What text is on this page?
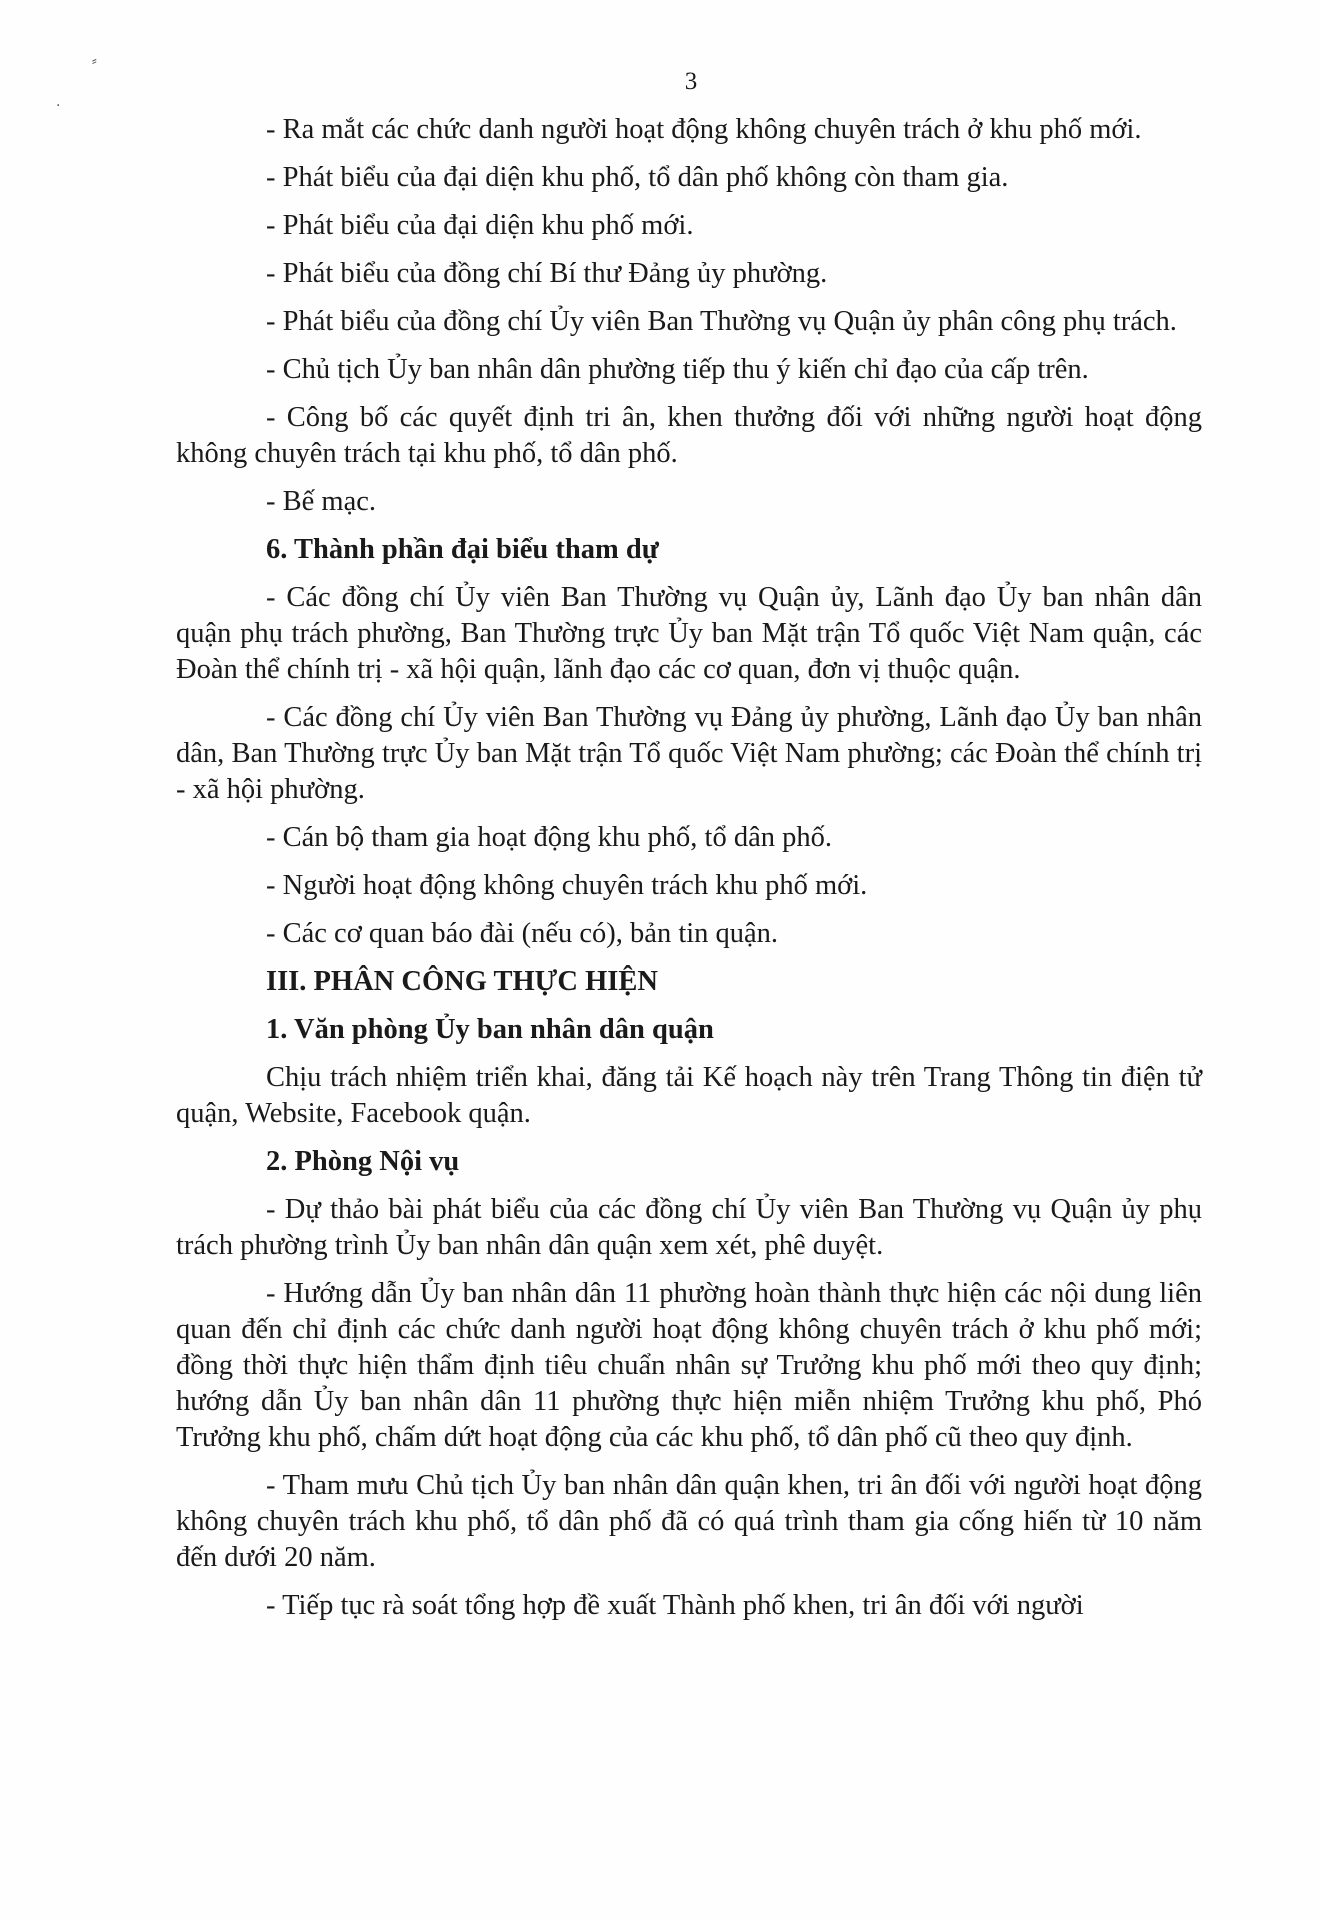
⸗
·
3

- Ra mắt các chức danh người hoạt động không chuyên trách ở khu phố mới.

- Phát biểu của đại diện khu phố, tổ dân phố không còn tham gia.

- Phát biểu của đại diện khu phố mới.

- Phát biểu của đồng chí Bí thư Đảng ủy phường.

- Phát biểu của đồng chí Ủy viên Ban Thường vụ Quận ủy phân công phụ trách.

- Chủ tịch Ủy ban nhân dân phường tiếp thu ý kiến chỉ đạo của cấp trên.

- Công bố các quyết định tri ân, khen thưởng đối với những người hoạt động không chuyên trách tại khu phố, tổ dân phố.

- Bế mạc.

6. Thành phần đại biểu tham dự

- Các đồng chí Ủy viên Ban Thường vụ Quận ủy, Lãnh đạo Ủy ban nhân dân quận phụ trách phường, Ban Thường trực Ủy ban Mặt trận Tổ quốc Việt Nam quận, các Đoàn thể chính trị - xã hội quận, lãnh đạo các cơ quan, đơn vị thuộc quận.

- Các đồng chí Ủy viên Ban Thường vụ Đảng ủy phường, Lãnh đạo Ủy ban nhân dân, Ban Thường trực Ủy ban Mặt trận Tổ quốc Việt Nam phường; các Đoàn thể chính trị - xã hội phường.

- Cán bộ tham gia hoạt động khu phố, tổ dân phố.

- Người hoạt động không chuyên trách khu phố mới.

- Các cơ quan báo đài (nếu có), bản tin quận.

III. PHÂN CÔNG THỰC HIỆN

1. Văn phòng Ủy ban nhân dân quận

Chịu trách nhiệm triển khai, đăng tải Kế hoạch này trên Trang Thông tin điện tử quận, Website, Facebook quận.

2. Phòng Nội vụ

- Dự thảo bài phát biểu của các đồng chí Ủy viên Ban Thường vụ Quận ủy phụ trách phường trình Ủy ban nhân dân quận xem xét, phê duyệt.

- Hướng dẫn Ủy ban nhân dân 11 phường hoàn thành thực hiện các nội dung liên quan đến chỉ định các chức danh người hoạt động không chuyên trách ở khu phố mới; đồng thời thực hiện thẩm định tiêu chuẩn nhân sự Trưởng khu phố mới theo quy định; hướng dẫn Ủy ban nhân dân 11 phường thực hiện miễn nhiệm Trưởng khu phố, Phó Trưởng khu phố, chấm dứt hoạt động của các khu phố, tổ dân phố cũ theo quy định.

- Tham mưu Chủ tịch Ủy ban nhân dân quận khen, tri ân đối với người hoạt động không chuyên trách khu phố, tổ dân phố đã có quá trình tham gia cống hiến từ 10 năm đến dưới 20 năm.

- Tiếp tục rà soát tổng hợp đề xuất Thành phố khen, tri ân đối với người
